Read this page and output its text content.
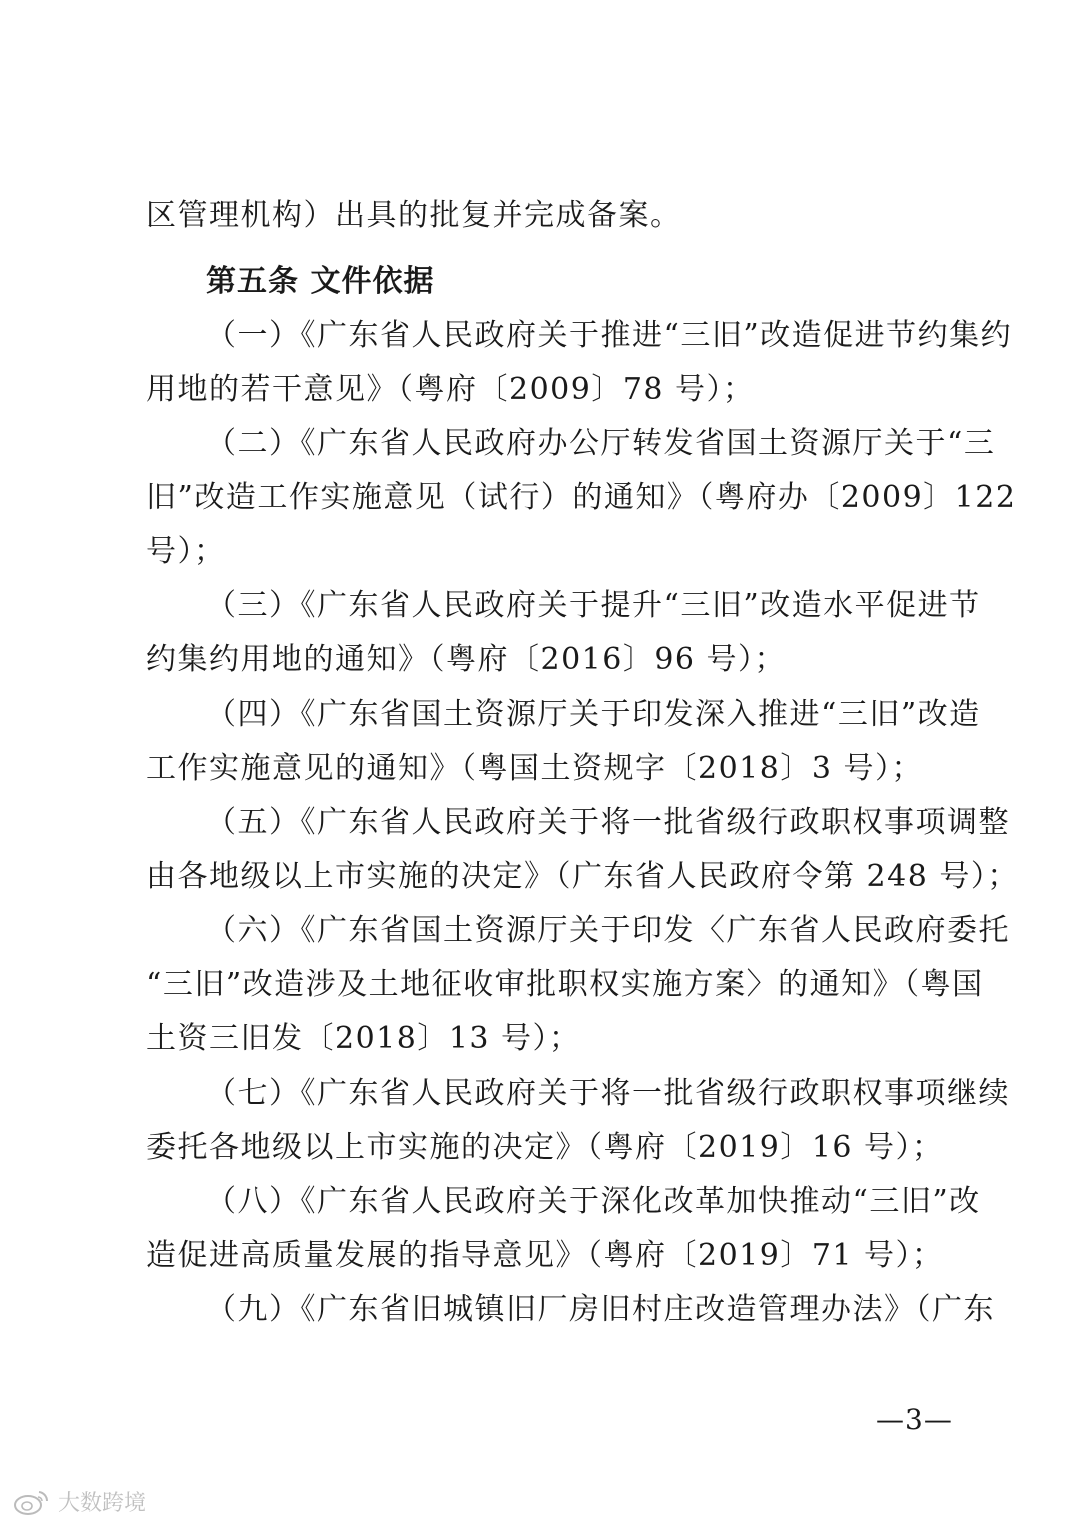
区管理机构）出具的批复并完成备案。
第五条 文件依据
（一）《广东省人民政府关于推进“三旧”改造促进节约集约
用地的若干意见》（粤府〔2009〕78 号）；
（二）《广东省人民政府办公厅转发省国土资源厅关于“三
旧”改造工作实施意见（试行）的通知》（粤府办〔2009〕122
号）；
（三）《广东省人民政府关于提升“三旧”改造水平促进节
约集约用地的通知》（粤府〔2016〕96 号）；
（四）《广东省国土资源厅关于印发深入推进“三旧”改造
工作实施意见的通知》（粤国土资规字〔2018〕3 号）；
（五）《广东省人民政府关于将一批省级行政职权事项调整
由各地级以上市实施的决定》（广东省人民政府令第 248 号）；
（六）《广东省国土资源厅关于印发〈广东省人民政府委托
“三旧”改造涉及土地征收审批职权实施方案〉的通知》（粤国
土资三旧发〔2018〕13 号）；
（七）《广东省人民政府关于将一批省级行政职权事项继续
委托各地级以上市实施的决定》（粤府〔2019〕16 号）；
（八）《广东省人民政府关于深化改革加快推动“三旧”改
造促进高质量发展的指导意见》（粤府〔2019〕71 号）；
（九）《广东省旧城镇旧厂房旧村庄改造管理办法》（广东
—3—
大数跨境
